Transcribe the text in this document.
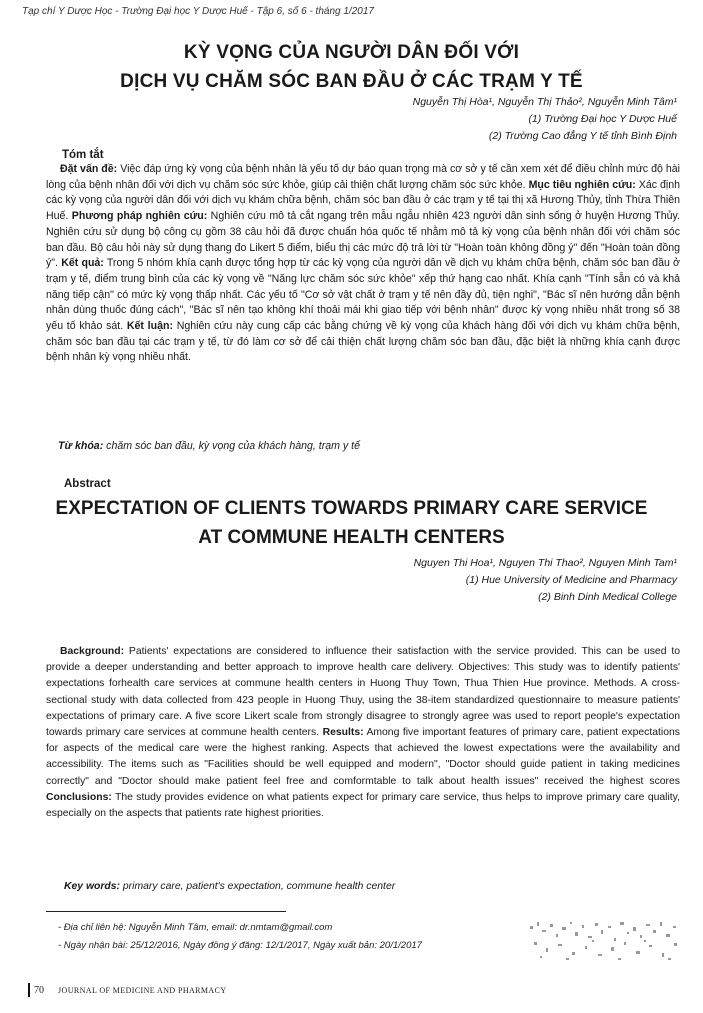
Tạp chí Y Dược Học - Trường Đại học Y Dược Huế - Tập 6, số 6 - tháng 1/2017
KỲ VỌNG CỦA NGƯỜI DÂN ĐỐI VỚI
DỊCH VỤ CHĂM SÓC BAN ĐẦU Ở CÁC TRẠM Y TẾ
Nguyễn Thị Hòa¹, Nguyễn Thị Thảo², Nguyễn Minh Tâm¹
(1) Trường Đại học Y Dược Huế
(2) Trường Cao đẳng Y tế tỉnh Bình Định
Tóm tắt
Đặt vấn đề: Việc đáp ứng kỳ vọng của bệnh nhân là yếu tố dự báo quan trọng mà cơ sở y tế cần xem xét để điều chỉnh mức độ hài lòng của bệnh nhân đối với dịch vụ chăm sóc sức khỏe, giúp cải thiện chất lượng chăm sóc sức khỏe. Mục tiêu nghiên cứu: Xác định các kỳ vọng của người dân đối với dịch vụ khám chữa bệnh, chăm sóc ban đầu ở các trạm y tế tại thị xã Hương Thủy, tỉnh Thừa Thiên Huế. Phương pháp nghiên cứu: Nghiên cứu mô tả cắt ngang trên mẫu ngẫu nhiên 423 người dân sinh sống ở huyện Hương Thủy. Nghiên cứu sử dụng bộ công cụ gồm 38 câu hỏi đã được chuẩn hóa quốc tế nhằm mô tả kỳ vọng của bệnh nhân đối với chăm sóc ban đầu. Bộ câu hỏi này sử dụng thang đo Likert 5 điểm, biểu thị các mức độ trả lời từ "Hoàn toàn không đồng ý" đến "Hoàn toàn đồng ý". Kết quả: Trong 5 nhóm khía cạnh được tổng hợp từ các kỳ vọng của người dân về dịch vụ khám chữa bệnh, chăm sóc ban đầu ở trạm y tế, điểm trung bình của các kỳ vọng về "Năng lực chăm sóc sức khỏe" xếp thứ hạng cao nhất. Khía cạnh "Tính sẵn có và khả năng tiếp cận" có mức kỳ vọng thấp nhất. Các yếu tố "Cơ sở vật chất ở trạm y tế nên đầy đủ, tiện nghi", "Bác sĩ nên hướng dẫn bệnh nhân dùng thuốc đúng cách", "Bác sĩ nên tạo không khí thoải mái khi giao tiếp với bệnh nhân" được kỳ vọng nhiều nhất trong số 38 yếu tố khảo sát. Kết luận: Nghiên cứu này cung cấp các bằng chứng về kỳ vọng của khách hàng đối với dịch vụ khám chữa bệnh, chăm sóc ban đầu tại các trạm y tế, từ đó làm cơ sở để cải thiện chất lượng chăm sóc ban đầu, đặc biệt là những khía cạnh được bệnh nhân kỳ vọng nhiều nhất.
Từ khóa: chăm sóc ban đầu, kỳ vọng của khách hàng, trạm y tế
Abstract
EXPECTATION OF CLIENTS TOWARDS PRIMARY CARE SERVICE
AT COMMUNE HEALTH CENTERS
Nguyen Thi Hoa¹, Nguyen Thi Thao², Nguyen Minh Tam¹
(1) Hue University of Medicine and Pharmacy
(2) Binh Dinh Medical College
Background: Patients' expectations are considered to influence their satisfaction with the service provided. This can be used to provide a deeper understanding and better approach to improve health care delivery. Objectives: This study was to identify patients' expectations forhealth care services at commune health centers in Huong Thuy Town, Thua Thien Hue province. Methods. A cross-sectional study with data collected from 423 people in Huong Thuy, using the 38-item standardized questionnaire to measure patients' expectations of primary care. A five score Likert scale from strongly disagree to strongly agree was used to report people's expectation towards primary care services at commune health centers. Results: Among five important features of primary care, patient expectations for aspects of the medical care were the highest ranking. Aspects that achieved the lowest expectations were the availability and accessibility. The items such as "Facilities should be well equipped and modern", "Doctor should guide patient in taking medicines correctly" and "Doctor should make patient feel free and comformtable to talk about health issues" received the highest scores Conclusions: The study provides evidence on what patients expect for primary care service, thus helps to improve primary care quality, especially on the aspects that patients rate highest priorities.
Key words: primary care, patient's expectation, commune health center
- Địa chỉ liên hệ: Nguyễn Minh Tâm, email: dr.nmtam@gmail.com
- Ngày nhận bài: 25/12/2016, Ngày đồng ý đăng: 12/1/2017, Ngày xuất bản: 20/1/2017
70 JOURNAL OF MEDICINE AND PHARMACY
